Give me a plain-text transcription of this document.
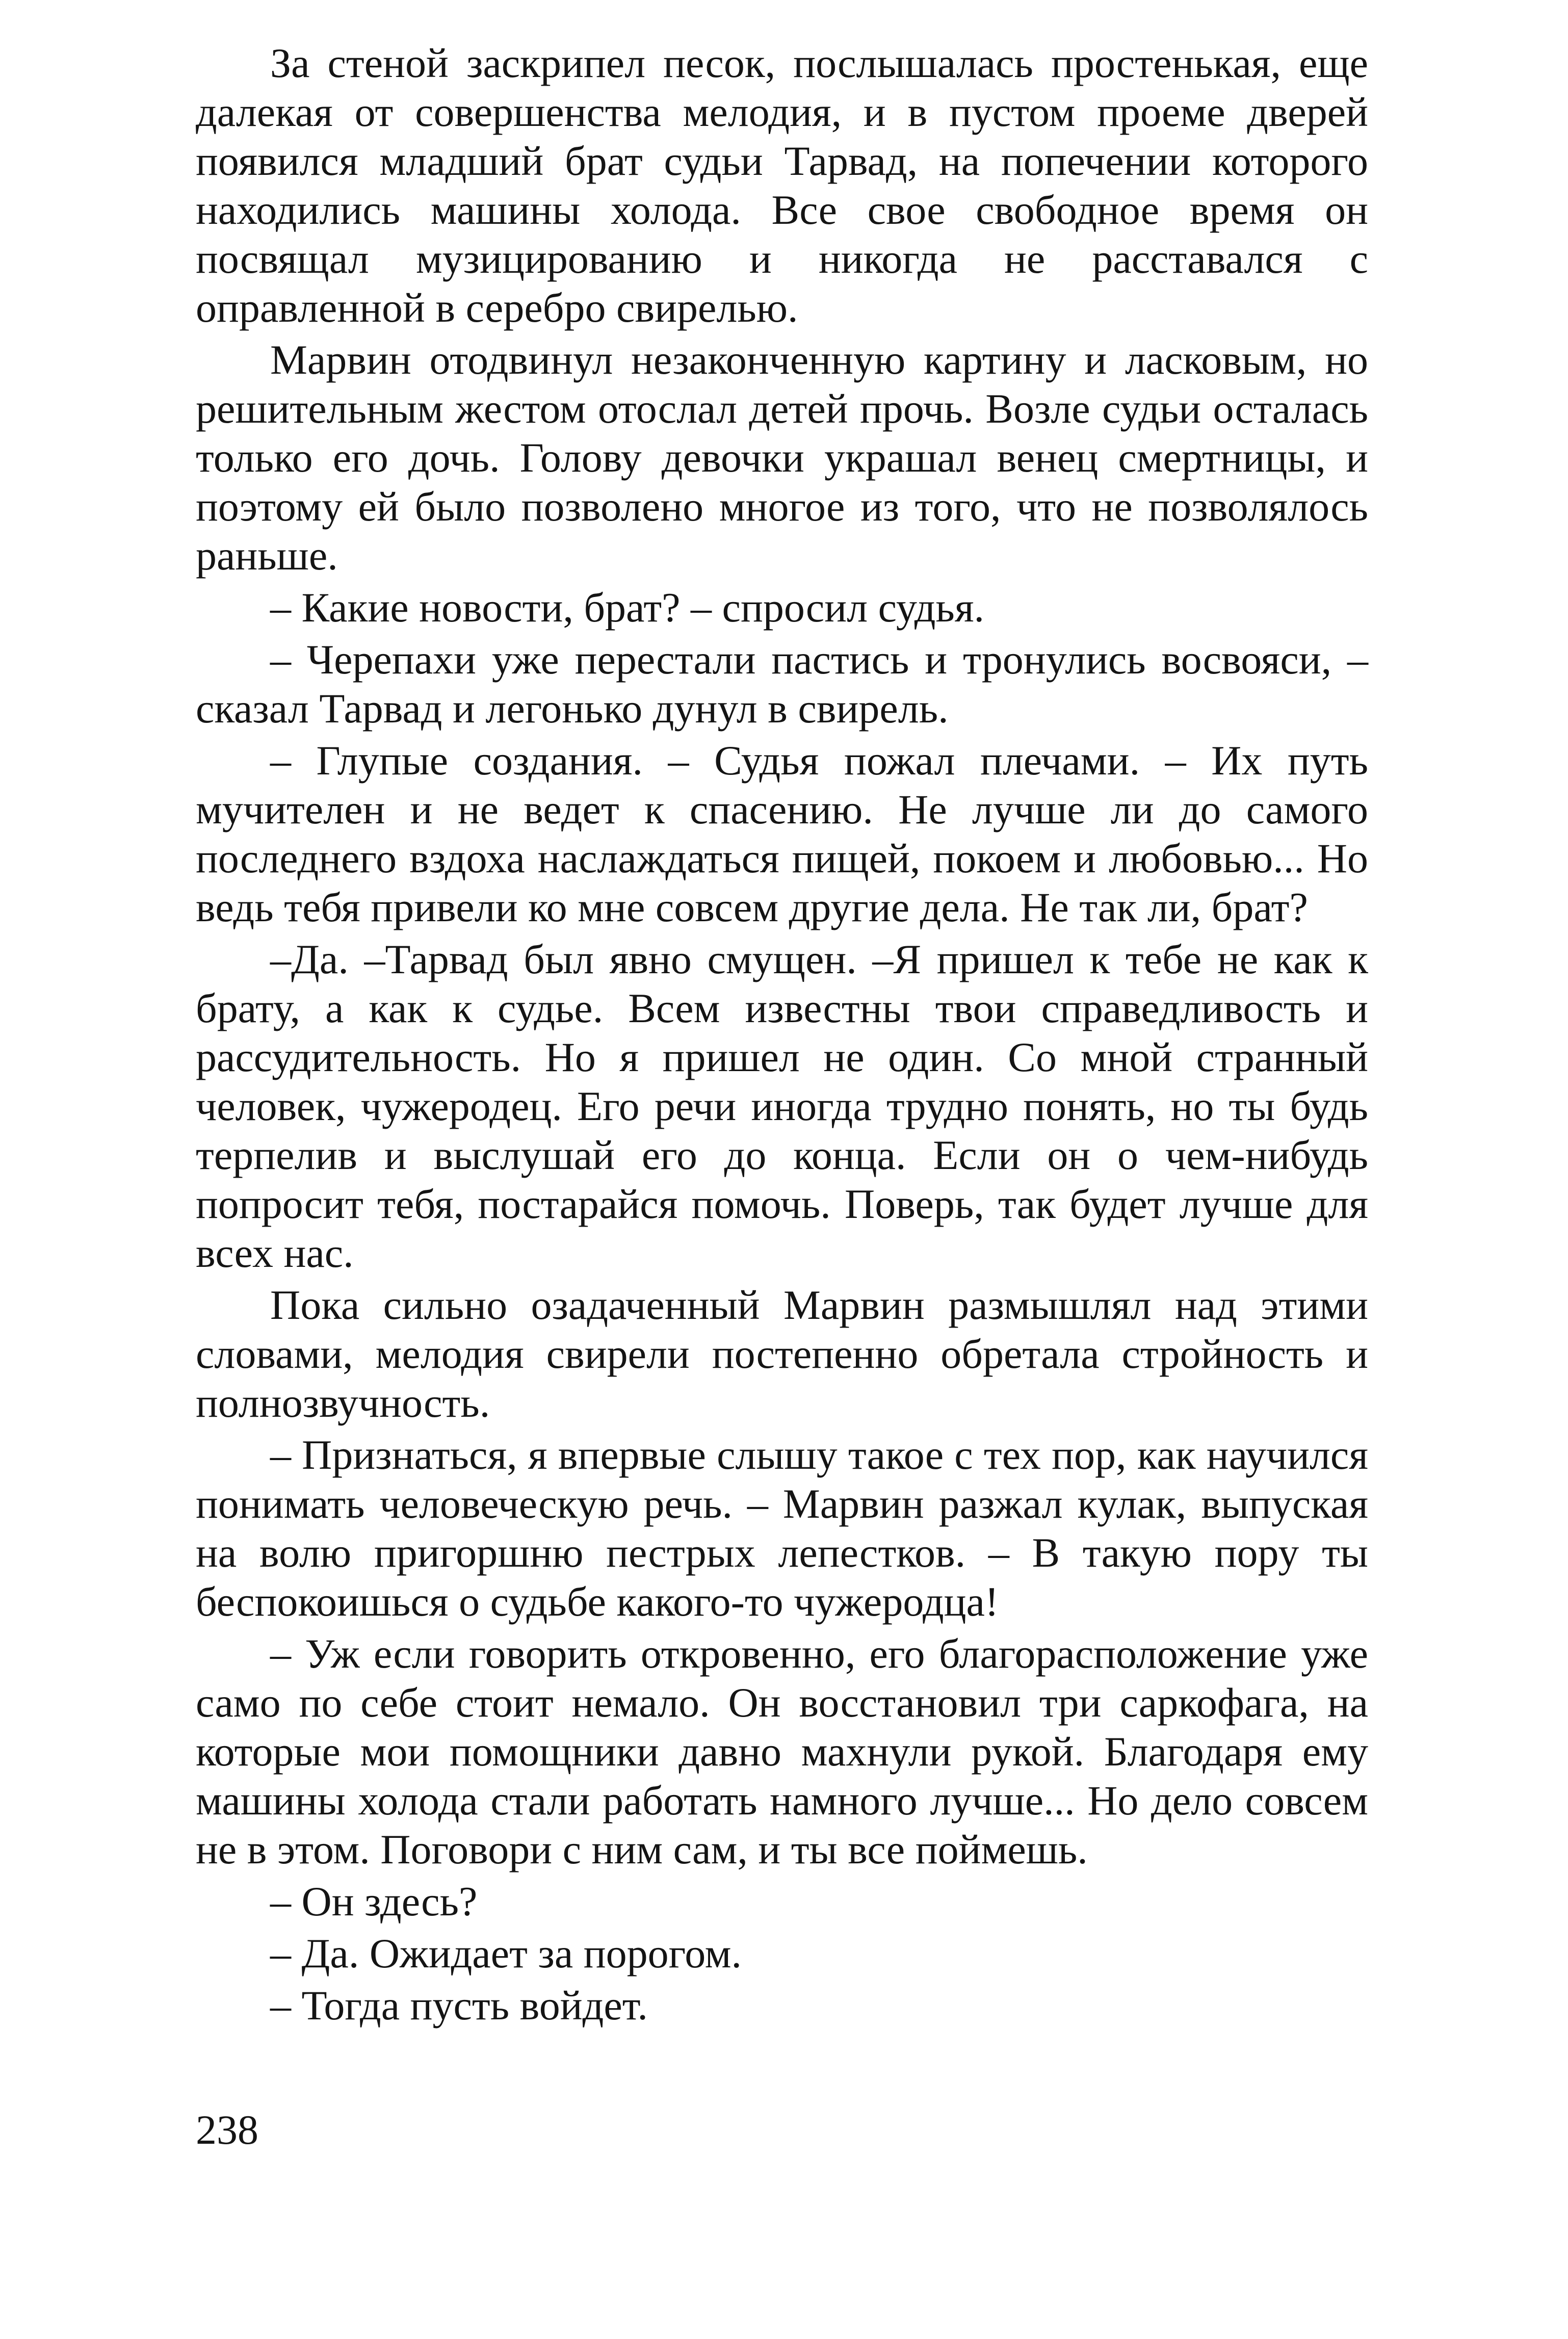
За стеной заскрипел песок, послышалась простенькая, еще далекая от совершенства мелодия, и в пустом проеме дверей появился младший брат судьи Тарвад, на попечении которого находились машины холода. Все свое свободное время он посвящал музицированию и никогда не расставался с оправленной в серебро свирелью.

Марвин отодвинул незаконченную картину и ласковым, но решительным жестом отослал детей прочь. Возле судьи осталась только его дочь. Голову девочки украшал венец смертницы, и поэтому ей было позволено многое из того, что не позволялось раньше.

– Какие новости, брат? – спросил судья.

– Черепахи уже перестали пастись и тронулись восвояси, – сказал Тарвад и легонько дунул в свирель.

– Глупые создания. – Судья пожал плечами. – Их путь мучителен и не ведет к спасению. Не лучше ли до самого последнего вздоха наслаждаться пищей, покоем и любовью... Но ведь тебя привели ко мне совсем другие дела. Не так ли, брат?

–Да. –Тарвад был явно смущен. –Я пришел к тебе не как к брату, а как к судье. Всем известны твои справедливость и рассудительность. Но я пришел не один. Со мной странный человек, чужеродец. Его речи иногда трудно понять, но ты будь терпелив и выслушай его до конца. Если он о чем-нибудь попросит тебя, постарайся помочь. Поверь, так будет лучше для всех нас.

Пока сильно озадаченный Марвин размышлял над этими словами, мелодия свирели постепенно обретала стройность и полнозвучность.

– Признаться, я впервые слышу такое с тех пор, как научился понимать человеческую речь. – Марвин разжал кулак, выпуская на волю пригоршню пестрых лепестков. – В такую пору ты беспокоишься о судьбе какого-то чужеродца!

– Уж если говорить откровенно, его благорасположение уже само по себе стоит немало. Он восстановил три саркофага, на которые мои помощники давно махнули рукой. Благодаря ему машины холода стали работать намного лучше... Но дело совсем не в этом. Поговори с ним сам, и ты все поймешь.

– Он здесь?

– Да. Ожидает за порогом.

– Тогда пусть войдет.

238
